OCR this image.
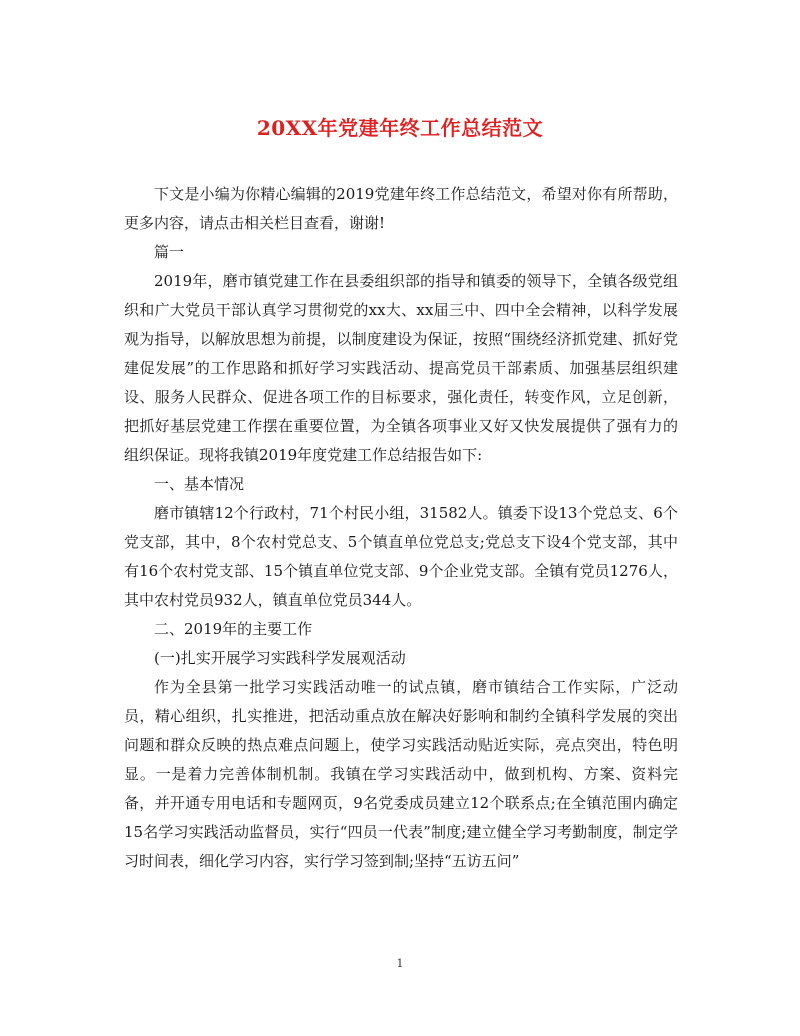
20XX年党建年终工作总结范文

下文是小编为你精心编辑的2019党建年终工作总结范文，希望对你有所帮助，更多内容，请点击相关栏目查看，谢谢!

篇一

2019年，磨市镇党建工作在县委组织部的指导和镇委的领导下，全镇各级党组织和广大党员干部认真学习贯彻党的xx大、xx届三中、四中全会精神，以科学发展观为指导，以解放思想为前提，以制度建设为保证，按照“围绕经济抓党建、抓好党建促发展”的工作思路和抓好学习实践活动、提高党员干部素质、加强基层组织建设、服务人民群众、促进各项工作的目标要求，强化责任，转变作风，立足创新，把抓好基层党建工作摆在重要位置，为全镇各项事业又好又快发展提供了强有力的组织保证。现将我镇2019年度党建工作总结报告如下:

一、基本情况

磨市镇辖12个行政村，71个村民小组，31582人。镇委下设13个党总支、6个党支部，其中，8个农村党总支、5个镇直单位党总支;党总支下设4个党支部，其中有16个农村党支部、15个镇直单位党支部、9个企业党支部。全镇有党员1276人，其中农村党员932人，镇直单位党员344人。

二、2019年的主要工作

(一)扎实开展学习实践科学发展观活动

作为全县第一批学习实践活动唯一的试点镇，磨市镇结合工作实际，广泛动员，精心组织，扎实推进，把活动重点放在解决好影响和制约全镇科学发展的突出问题和群众反映的热点难点问题上，使学习实践活动贴近实际，亮点突出，特色明显。一是着力完善体制机制。我镇在学习实践活动中，做到机构、方案、资料完备，并开通专用电话和专题网页，9名党委成员建立12个联系点;在全镇范围内确定15名学习实践活动监督员，实行“四员一代表”制度;建立健全学习考勤制度，制定学习时间表，细化学习内容，实行学习签到制;坚持“五访五问”

1
